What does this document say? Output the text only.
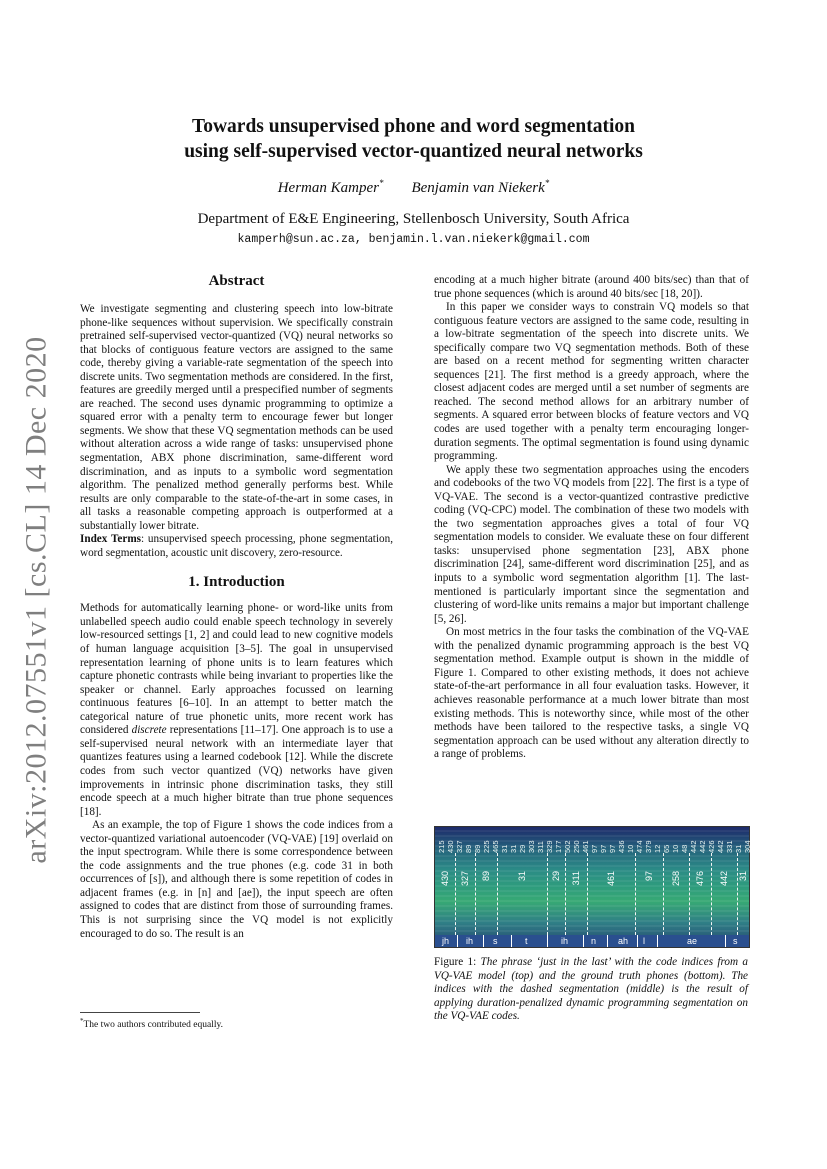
arXiv:2012.07551v1 [cs.CL] 14 Dec 2020
Towards unsupervised phone and word segmentation
using self-supervised vector-quantized neural networks
Herman Kamper* Benjamin van Niekerk*
Department of E&E Engineering, Stellenbosch University, South Africa
kamperh@sun.ac.za, benjamin.l.van.niekerk@gmail.com
Abstract

We investigate segmenting and clustering speech into low-bitrate phone-like sequences without supervision. We specifically constrain pretrained self-supervised vector-quantized (VQ) neural networks so that blocks of contiguous feature vectors are assigned to the same code, thereby giving a variable-rate segmentation of the speech into discrete units. Two segmentation methods are considered. In the first, features are greedily merged until a prespecified number of segments are reached. The second uses dynamic programming to optimize a squared error with a penalty term to encourage fewer but longer segments. We show that these VQ segmentation methods can be used without alteration across a wide range of tasks: unsupervised phone segmentation, ABX phone discrimination, same-different word discrimination, and as inputs to a symbolic word segmentation algorithm. The penalized method generally performs best. While results are only comparable to the state-of-the-art in some cases, in all tasks a reasonable competing approach is outperformed at a substantially lower bitrate.

Index Terms: unsupervised speech processing, phone segmentation, word segmentation, acoustic unit discovery, zero-resource.

1. Introduction

Methods for automatically learning phone- or word-like units from unlabelled speech audio could enable speech technology in severely low-resourced settings [1, 2] and could lead to new cognitive models of human language acquisition [3–5]. The goal in unsupervised representation learning of phone units is to learn features which capture phonetic contrasts while being invariant to properties like the speaker or channel. Early approaches focussed on learning continuous features [6–10]. In an attempt to better match the categorical nature of true phonetic units, more recent work has considered discrete representations [11–17]. One approach is to use a self-supervised neural network with an intermediate layer that quantizes features using a learned codebook [12]. While the discrete codes from such vector quantized (VQ) networks have given improvements in intrinsic phone discrimination tasks, they still encode speech at a much higher bitrate than true phone sequences [18].

As an example, the top of Figure 1 shows the code indices from a vector-quantized variational autoencoder (VQ-VAE) [19] overlaid on the input spectrogram. While there is some correspondence between the code assignments and the true phones (e.g. code 31 in both occurrences of [s]), and although there is some repetition of codes in adjacent frames (e.g. in [n] and [ae]), the input speech are often assigned to codes that are distinct from those of surrounding frames. This is not surprising since the VQ model is not explicitly encouraged to do so. The result is an

encoding at a much higher bitrate (around 400 bits/sec) than that of true phone sequences (which is around 40 bits/sec [18, 20]).

In this paper we consider ways to constrain VQ models so that contiguous feature vectors are assigned to the same code, resulting in a low-bitrate segmentation of the speech into discrete units. We specifically compare two VQ segmentation methods. Both of these are based on a recent method for segmenting written character sequences [21]. The first method is a greedy approach, where the closest adjacent codes are merged until a set number of segments are reached. The second method allows for an arbitrary number of segments. A squared error between blocks of feature vectors and VQ codes are used together with a penalty term encouraging longer-duration segments. The optimal segmentation is found using dynamic programming.

We apply these two segmentation approaches using the encoders and codebooks of the two VQ models from [22]. The first is a type of VQ-VAE. The second is a vector-quantized contrastive predictive coding (VQ-CPC) model. The combination of these two models with the two segmentation approaches gives a total of four VQ segmentation models to consider. We evaluate these on four different tasks: unsupervised phone segmentation [23], ABX phone discrimination [24], same-different word discrimination [25], and as inputs to a symbolic word segmentation algorithm [1]. The last-mentioned is particularly important since the segmentation and clustering of word-like units remains a major but important challenge [5, 26].

On most metrics in the four tasks the combination of the VQ-VAE with the penalized dynamic programming approach is the best VQ segmentation method. Example output is shown in the middle of Figure 1. Compared to other existing methods, it does not achieve state-of-the-art performance in all four evaluation tasks. However, it achieves reasonable performance at a much lower bitrate than most existing methods. This is noteworthy since, while most of the other methods have been tailored to the respective tasks, a single VQ segmentation approach can be used without any alteration directly to a range of problems.

215 430 327 89 89 225 465 31 31 29 303 311 329 177 502 250 461 97 97 97 436 10 474 379 12 65 10 48 442 442 426 442 331 31 304
jh ih s	t	ih	n ah l	ae	s
430 327 89	31	29 311	461	97 258 476 442 31
Figure 1: The phrase ‘just in the last’ with the code indices from a VQ-VAE model (top) and the ground truth phones (bottom). The indices with the dashed segmentation (middle) is the result of applying duration-penalized dynamic programming segmentation on the VQ-VAE codes.
*The two authors contributed equally.
